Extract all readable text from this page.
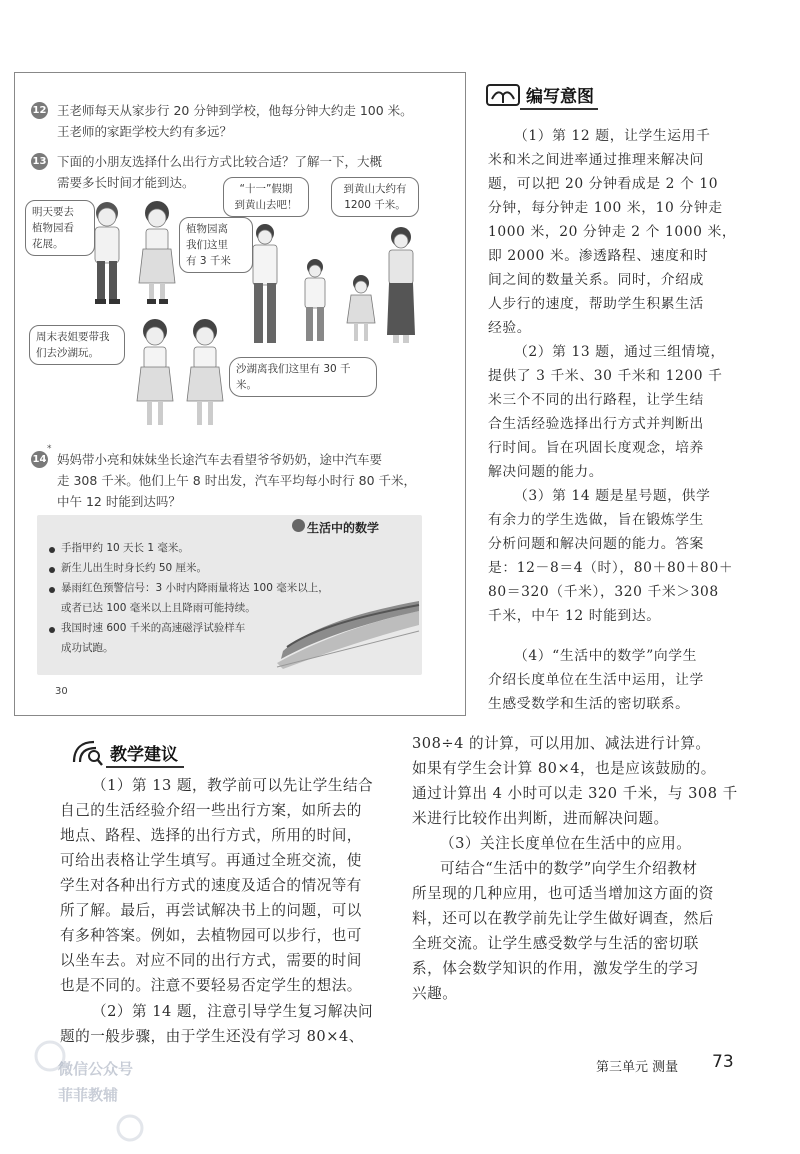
12 王老师每天从家步行 20 分钟到学校，他每分钟大约走 100 米。
王老师的家距学校大约有多远？
13 下面的小朋友选择什么出行方式比较合适？了解一下，大概
需要多长时间才能到达。
明天要去
植物园看
花展。
植物园离
我们这里
有 3 千米
“十一”假期
到黄山去吧！
到黄山大约有
1200 千米。
周末表姐要带我
们去沙湖玩。
沙湖离我们这里有 30 千米。
14
*
妈妈带小亮和妹妹坐长途汽车去看望爷爷奶奶，途中汽车要
走 308 千米。他们上午 8 时出发，汽车平均每小时行 80 千米，
中午 12 时能到达吗？
生活中的数学
手指甲约 10 天长 1 毫米。
新生儿出生时身长约 50 厘米。
暴雨红色预警信号：3 小时内降雨量将达 100 毫米以上，
或者已达 100 毫米以上且降雨可能持续。
我国时速 600 千米的高速磁浮试验样车
成功试跑。
30
编写意图
（1）第 12 题，让学生运用千
米和米之间进率通过推理来解决问
题，可以把 20 分钟看成是 2 个 10
分钟，每分钟走 100 米，10 分钟走
1000 米，20 分钟走 2 个 1000 米，
即 2000 米。渗透路程、速度和时
间之间的数量关系。同时，介绍成
人步行的速度，帮助学生积累生活
经验。
（2）第 13 题，通过三组情境，
提供了 3 千米、30 千米和 1200 千
米三个不同的出行路程，让学生结
合生活经验选择出行方式并判断出
行时间。旨在巩固长度观念，培养
解决问题的能力。
（3）第 14 题是星号题，供学
有余力的学生选做，旨在锻炼学生
分析问题和解决问题的能力。答案
是：12－8＝4（时），80＋80＋80＋
80＝320（千米），320 千米＞308
千米，中午 12 时能到达。
（4）“生活中的数学”向学生
介绍长度单位在生活中运用，让学
生感受数学和生活的密切联系。
教学建议
（1）第 13 题，教学前可以先让学生结合
自己的生活经验介绍一些出行方案，如所去的
地点、路程、选择的出行方式，所用的时间，
可给出表格让学生填写。再通过全班交流，使
学生对各种出行方式的速度及适合的情况等有
所了解。最后，再尝试解决书上的问题，可以
有多种答案。例如，去植物园可以步行，也可
以坐车去。对应不同的出行方式，需要的时间
也是不同的。注意不要轻易否定学生的想法。
（2）第 14 题，注意引导学生复习解决问
题的一般步骤，由于学生还没有学习 80×4、
308÷4 的计算，可以用加、减法进行计算。
如果有学生会计算 80×4，也是应该鼓励的。
通过计算出 4 小时可以走 320 千米，与 308 千
米进行比较作出判断，进而解决问题。
（3）关注长度单位在生活中的应用。
可结合“生活中的数学”向学生介绍教材
所呈现的几种应用，也可适当增加这方面的资
料，还可以在教学前先让学生做好调查，然后
全班交流。让学生感受数学与生活的密切联
系，体会数学知识的作用，激发学生的学习
兴趣。
第三单元 测量 73
微信公众号
菲菲教辅
